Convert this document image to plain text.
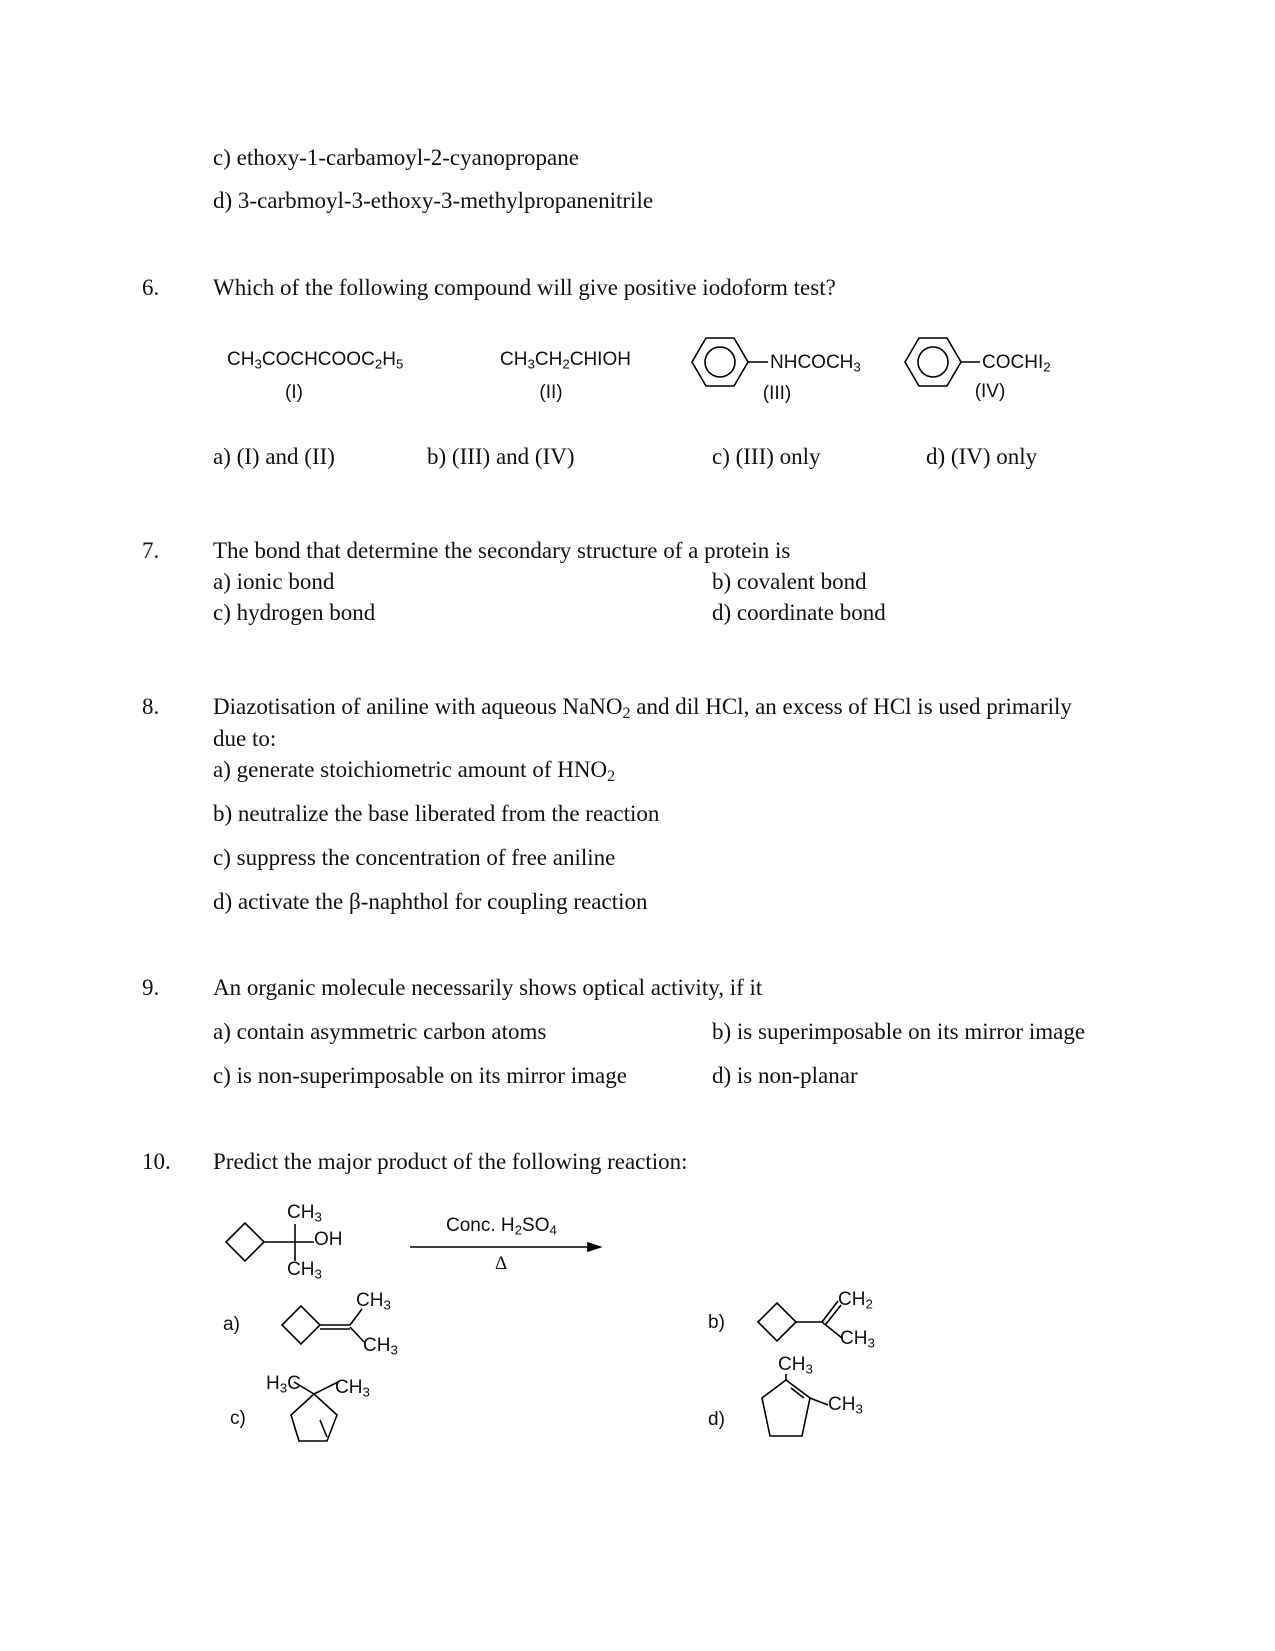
c) ethoxy-1-carbamoyl-2-cyanopropane
d) 3-carbmoyl-3-ethoxy-3-methylpropanenitrile
6. Which of the following compound will give positive iodoform test?
$CH_3COCHCOOC_2H_5$
(I)
$CH_3CH_2CHIOH$
(II)
$NHCOCH_3$
(III)
$COCHI_2$
(IV)
a) (I) and (II)	b) (III) and (IV)	c) (III) only	d) (IV) only
7. The bond that determine the secondary structure of a protein is
a) ionic bond	b) covalent bond
c) hydrogen bond	d) coordinate bond
8. Diazotisation of aniline with aqueous NaNO$_2$ and dil HCl, an excess of HCl is used primarily
due to:
a) generate stoichiometric amount of $HNO_2$
b) neutralize the base liberated from the reaction
c) suppress the concentration of free aniline
d) activate the β-naphthol for coupling reaction
9. An organic molecule necessarily shows optical activity, if it
a) contain asymmetric carbon atoms	b) is superimposable on its mirror image
c) is non-superimposable on its mirror image	d) is non-planar
10. Predict the major product of the following reaction:
$CH_3$
OH
$CH_3$
Conc. $H_2SO_4$
Δ
a)	b)
c)	d)
$CH_3$
$CH_3$
$CH_2$
$CH_3$
$H_3C$ $CH_3$
$CH_3$
$CH_3$
